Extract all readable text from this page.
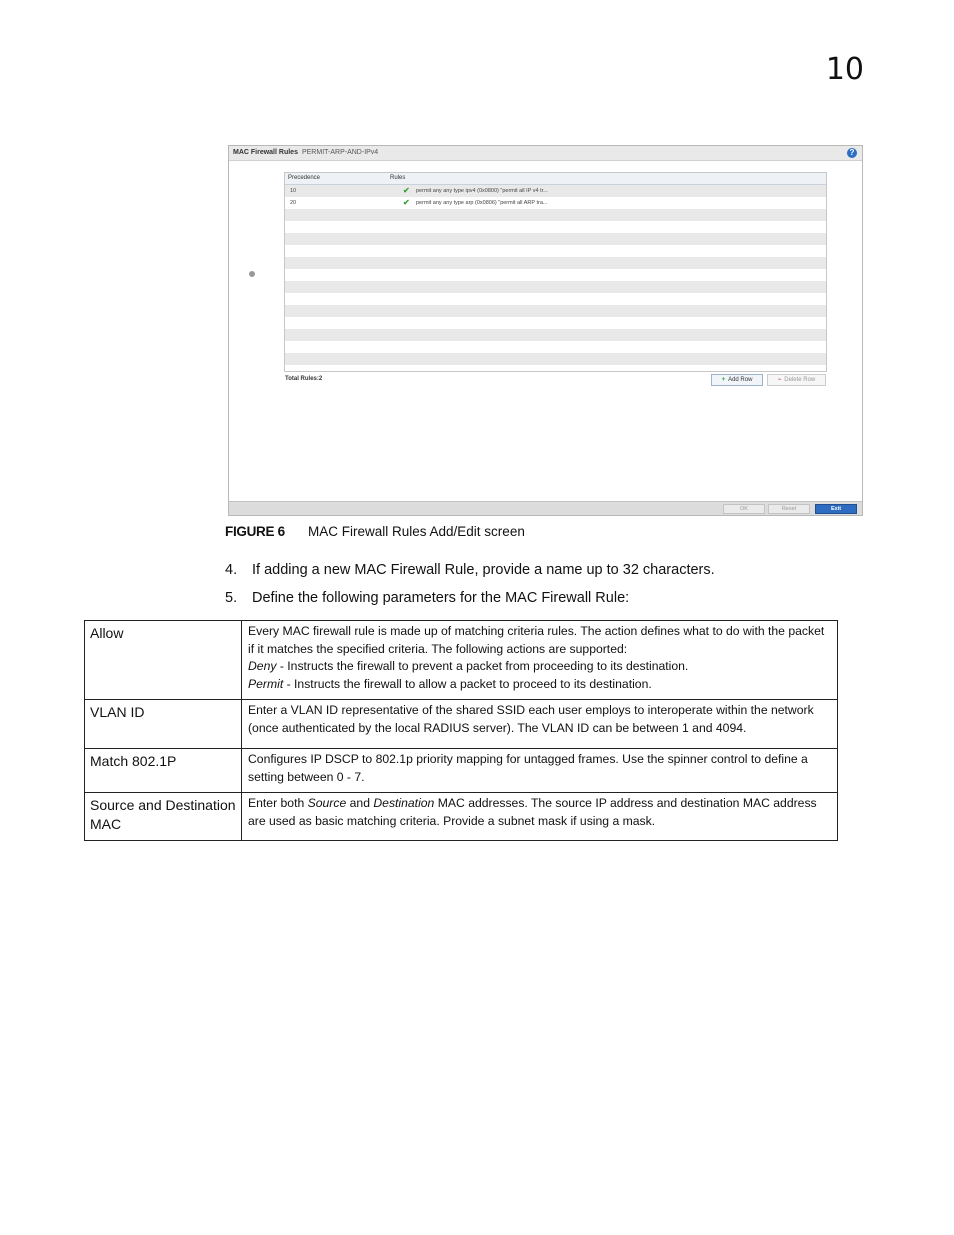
10
MAC Firewall Rules PERMIT-ARP-AND-IPv4	?
Precedence	Rules
10	✔ permit any any type ipv4 (0x0800) "permit all IP v4 tr...
20	✔ permit any any type arp (0x0806) "permit all ARP tra...
Total Rules:2	+ Add Row	− Delete Row
OK	Reset	Exit
FIGURE 6 MAC Firewall Rules Add/Edit screen
4. If adding a new MAC Firewall Rule, provide a name up to 32 characters.
5. Define the following parameters for the MAC Firewall Rule:
Allow	Every MAC firewall rule is made up of matching criteria rules. The action defines what to do with the packet if it matches the specified criteria. The following actions are supported:

Deny - Instructs the firewall to prevent a packet from proceeding to its destination.

Permit - Instructs the firewall to allow a packet to proceed to its destination.

VLAN ID	Enter a VLAN ID representative of the shared SSID each user employs to interoperate within the network (once authenticated by the local RADIUS server). The VLAN ID can be between 1 and 4094.
Match 802.1P	Configures IP DSCP to 802.1p priority mapping for untagged frames. Use the spinner control to define a setting between 0 - 7.
Source and Destination MAC	Enter both Source and Destination MAC addresses. The source IP address and destination MAC address are used as basic matching criteria. Provide a subnet mask if using a mask.
